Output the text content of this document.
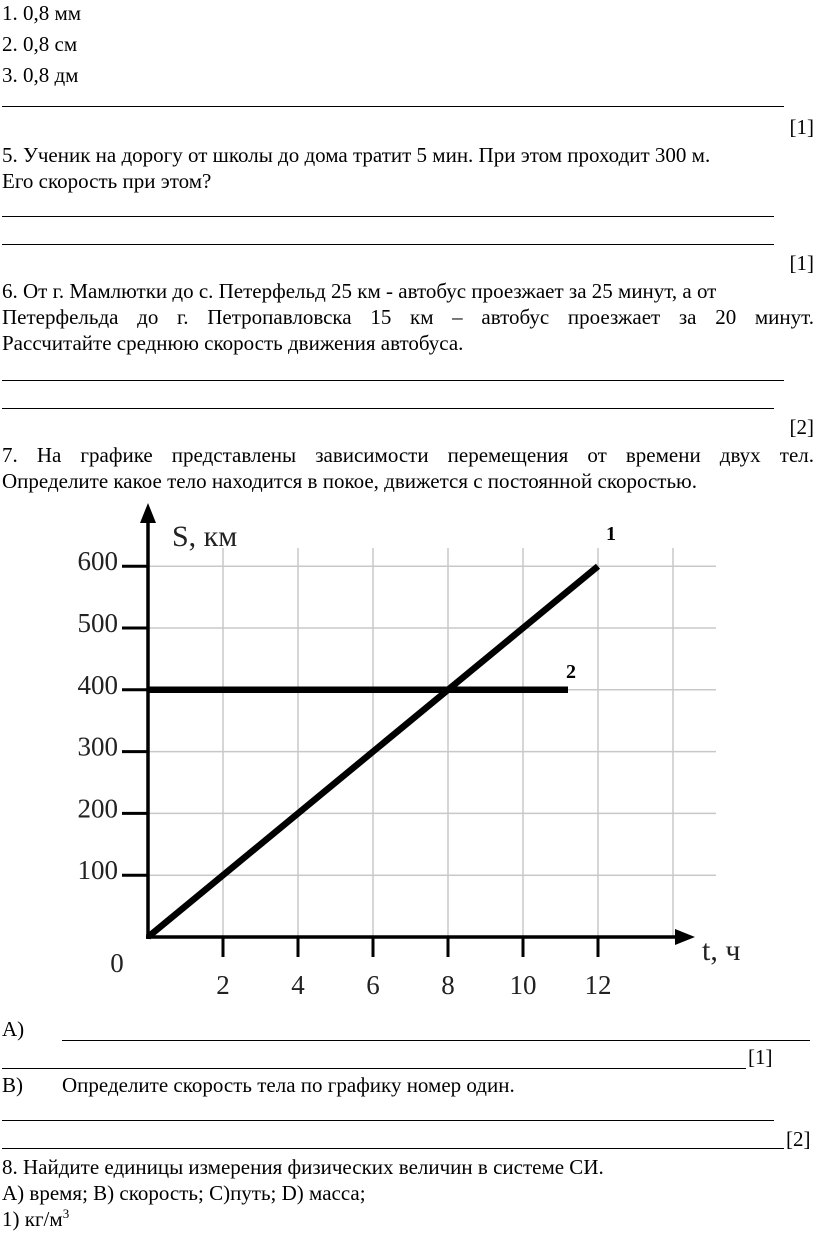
1. 0,8 мм
2. 0,8 см
3. 0,8 дм
[1]
5. Ученик на дорогу от школы до дома тратит 5 мин. При этом проходит 300 м.
Его скорость при этом?
[1]
6. От г. Мамлютки до с. Петерфельд 25 км - автобус проезжает за 25 минут, а от
Петерфельда до г. Петропавловска 15 км – автобус проезжает за 20 минут.
Рассчитайте среднюю скорость движения автобуса.
[2]
7. На графике представлены зависимости перемещения от времени двух тел.
Определите какое тело находится в покое, движется с постоянной скоростью.
2 4 6 8 10 12
100
200
300
400
500
600
0
S, км
t, ч
1
2
А)
[1]
В) Определите скорость тела по графику номер один.
[2]
8. Найдите единицы измерения физических величин в системе СИ.
А) время; В) скорость; С)путь; D) масса;
1) $кг/м^3$
